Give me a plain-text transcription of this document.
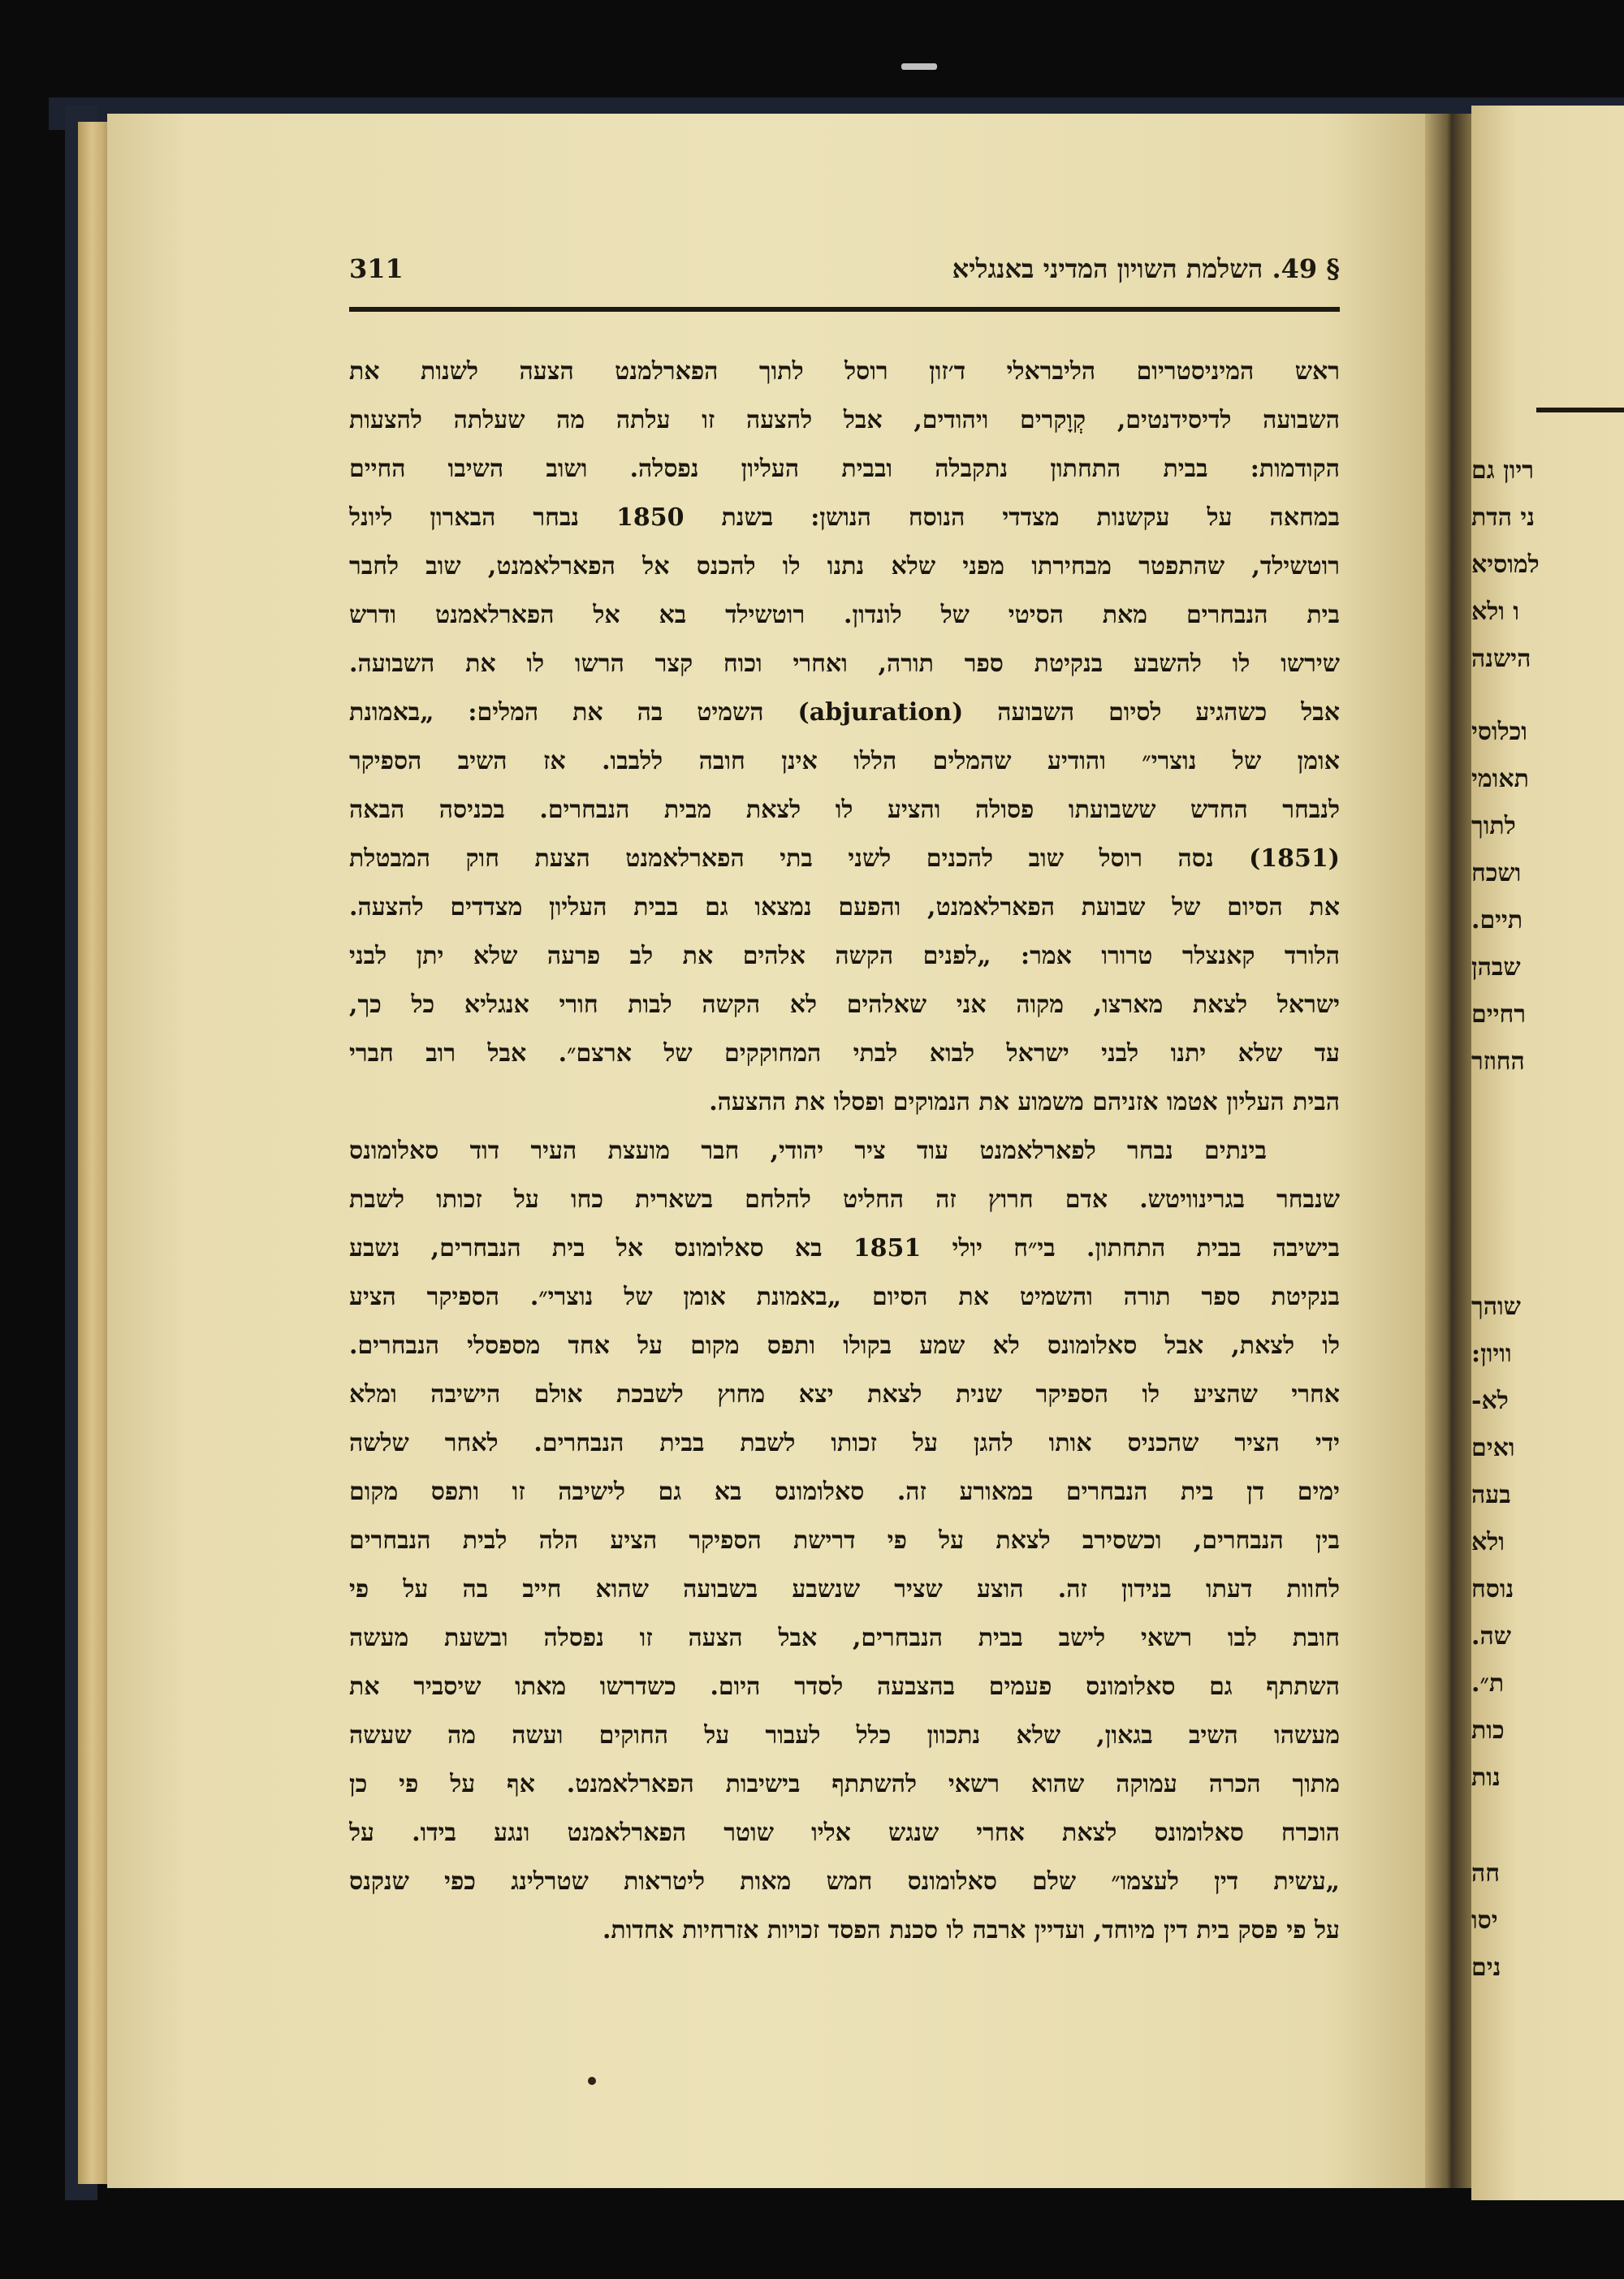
ריון גם
ני הדת
למוסיא
ו ולא
הישנה
וכלוסי
תאומי
לתוך
ושכח
תיים.
שבהן
רחיים
החוזר
שוהך
וויון:
לא-
ואים
בעה
ולא
נוסח
שה.
ת״.
כות
נות
חה
יסו
נים
311	§ 49. השלמת השויון המדיני באנגליא
ראש המיניסטריום הליבראלי ד׳זון רוסל לתוך הפארלמנט הצעה לשנות את
השבועה לדיסידנטים, קְוָקרים ויהודים, אבל להצעה זו עלתה מה שעלתה להצעות
הקודמות: בבית התחתון נתקבלה ובבית העליון נפסלה. ושוב השיבו החיים
במחאה על עקשנות מצדדי הנוסח הנושן: בשנת 1850 נבחר הבארון ליונל
רוטשילד, שהתפטר מבחירתו מפני שלא נתנו לו להכנס אל הפארלאמנט, שוב לחבר
בית הנבחרים מאת הסיטי של לונדון. רוטשילד בא אל הפארלאמנט ודרש
שירשו לו להשבע בנקיטת ספר תורה, ואחרי וכוח קצר הרשו לו את השבועה.
אבל כשהגיע לסיום השבועה (abjuration) השמיט בה את המלים: „באמונת
אומן של נוצרי״ והודיע שהמלים הללו אינן חובה ללבבו. אז השיב הספיקר
לנבחר החדש ששבועתו פסולה והציע לו לצאת מבית הנבחרים. בכניסה הבאה
(1851) נסה רוסל שוב להכנים לשני בתי הפארלאמנט הצעת חוק המבטלת
את הסיום של שבועת הפארלאמנט, והפעם נמצאו גם בבית העליון מצדדים להצעה.
הלורד קאנצלר טרורו אמר: „לפנים הקשה אלהים את לב פרעה שלא יתן לבני
ישראל לצאת מארצו, מקוה אני שאלהים לא הקשה לבות חורי אנגליא כל כך,
עד שלא יתנו לבני ישראל לבוא לבתי המחוקקים של ארצם״. אבל רוב חברי
הבית העליון אטמו אזניהם משמוע את הנמוקים ופסלו את ההצעה.
בינתים נבחר לפארלאמנט עוד ציר יהודי, חבר מועצת העיר דוד סאלומונס
שנבחר בגרינוויטש. אדם חרוץ זה החליט להלחם בשארית כחו על זכותו לשבת
בישיבה בבית התחתון. בי״ח יולי 1851 בא סאלומונס אל בית הנבחרים, נשבע
בנקיטת ספר תורה והשמיט את הסיום „באמונת אומן של נוצרי״. הספיקר הציע
לו לצאת, אבל סאלומונס לא שמע בקולו ותפס מקום על אחד מספסלי הנבחרים.
אחרי שהציע לו הספיקר שנית לצאת יצא מחוץ לשבכת אולם הישיבה ומלא
ידי הציר שהכניס אותו להגן על זכותו לשבת בבית הנבחרים. לאחר שלשה
ימים דן בית הנבחרים במאורע זה. סאלומונס בא גם לישיבה זו ותפס מקום
בין הנבחרים, וכשסירב לצאת על פי דרישת הספיקר הציע הלה לבית הנבחרים
לחוות דעתו בנידון זה. הוצע שציר שנשבע בשבועה שהוא חייב בה על פי
חובת לבו רשאי לישב בבית הנבחרים, אבל הצעה זו נפסלה ובשעת מעשה
השתתף גם סאלומונס פעמים בהצבעה לסדר היום. כשדרשו מאתו שיסביר את
מעשהו השיב בגאון, שלא נתכוון כלל לעבור על החוקים ועשה מה שעשה
מתוך הכרה עמוקה שהוא רשאי להשתתף בישיבות הפארלאמנט. אף על פי כן
הוכרח סאלומונס לצאת אחרי שנגש אליו שוטר הפארלאמנט ונגע בידו. על
„עשית דין לעצמו״ שלם סאלומונס חמש מאות ליטראות שטרלינג כפי שנקנס
על פי פסק בית דין מיוחד, ועדיין ארבה לו סכנת הפסד זכויות אזרחיות אחדות.
